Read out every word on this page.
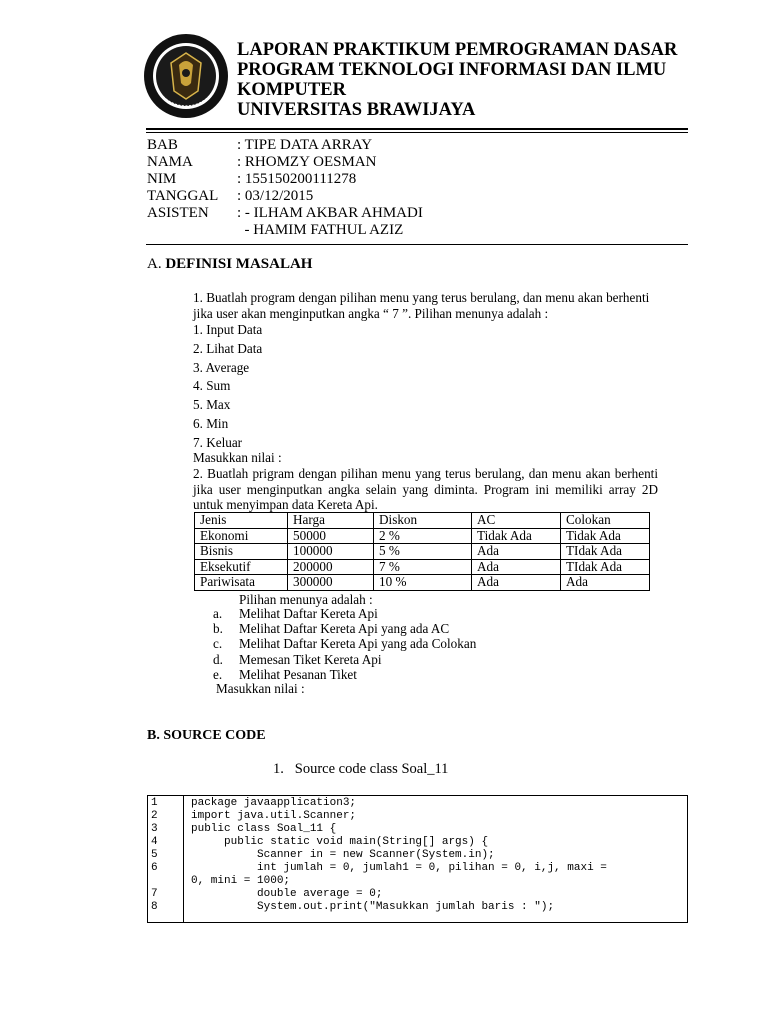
LAPORAN PRAKTIKUM PEMROGRAMAN DASAR
PROGRAM TEKNOLOGI INFORMASI DAN ILMU
KOMPUTER
UNIVERSITAS BRAWIJAYA
BAB	: TIPE DATA ARRAY
NAMA	: RHOMZY OESMAN
NIM	: 155150200111278
TANGGAL	: 03/12/2015
ASISTEN	: - ILHAM AKBAR AHMADI
- HAMIM FATHUL AZIZ
A. DEFINISI MASALAH
1. Buatlah program dengan pilihan menu yang terus berulang, dan menu akan berhenti jika user akan menginputkan angka “ 7 ”. Pilihan menunya adalah :
1. Input Data
2. Lihat Data
3. Average
4. Sum
5. Max
6. Min
7. Keluar
Masukkan nilai :
2. Buatlah prigram dengan pilihan menu yang terus berulang, dan menu akan berhenti jika user menginputkan angka selain yang diminta. Program ini memiliki array 2D untuk menyimpan data Kereta Api.
Jenis	Harga	Diskon	AC	Colokan
Ekonomi	50000	2 %	Tidak Ada	Tidak Ada
Bisnis	100000	5 %	Ada	TIdak Ada
Eksekutif	200000	7 %	Ada	TIdak Ada
Pariwisata	300000	10 %	Ada	Ada
Pilihan menunya adalah :
a.	Melihat Daftar Kereta Api
b.	Melihat Daftar Kereta Api yang ada AC
c.	Melihat Daftar Kereta Api yang ada Colokan
d.	Memesan Tiket Kereta Api
e.	Melihat Pesanan Tiket
Masukkan nilai :
B. SOURCE CODE
1.   Source code class Soal_11
1	package javaapplication3;
2	import java.util.Scanner;
3	public class Soal_11 {
4	public static void main(String[] args) {
5	Scanner in = new Scanner(System.in);
6	int jumlah = 0, jumlah1 = 0, pilihan = 0, i,j, maxi =
0, mini = 1000;
7	double average = 0;
8	System.out.print("Masukkan jumlah baris : ");
